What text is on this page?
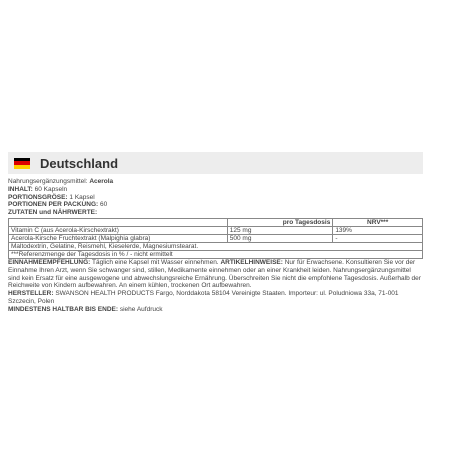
Deutschland

Nahrungsergänzungsmittel: Acerola

INHALT: 60 Kapseln

PORTIONSGRÖSE: 1 Kapsel

PORTIONEN PER PACKUNG: 60

ZUTATEN und NÄHRWERTE:

	pro Tagesdosis	NRV***
Vitamin C (aus Acerola-Kirschextrakt)	125 mg	139%
Acerola-Kirsche Fruchtextrakt (Malpighia glabra)	500 mg	-
Maltodextrin, Gelatine, Reismehl, Kieselerde, Magnesiumstearat.		
***Referenzmenge der Tagesdosis in % / - nicht ermittelt		

EINNAHMEEMPFEHLUNG: Täglich eine Kapsel mit Wasser einnehmen. ARTIKELHINWEISE: Nur für Erwachsene. Konsultieren Sie vor der Einnahme Ihren Arzt, wenn Sie schwanger sind, stillen, Medikamente einnehmen oder an einer Krankheit leiden. Nahrungsergänzungsmittel sind kein Ersatz für eine ausgewogene und abwechslungsreiche Ernährung. Überschreiten Sie nicht die empfohlene Tagesdosis. Außerhalb der Reichweite von Kindern aufbewahren. An einem kühlen, trockenen Ort aufbewahren.

HERSTELLER: SWANSON HEALTH PRODUCTS Fargo, Norddakota 58104 Vereinigte Staaten. Importeur: ul. Poludniowa 33a, 71-001 Szczecin, Polen

MINDESTENS HALTBAR BIS ENDE: siehe Aufdruck
